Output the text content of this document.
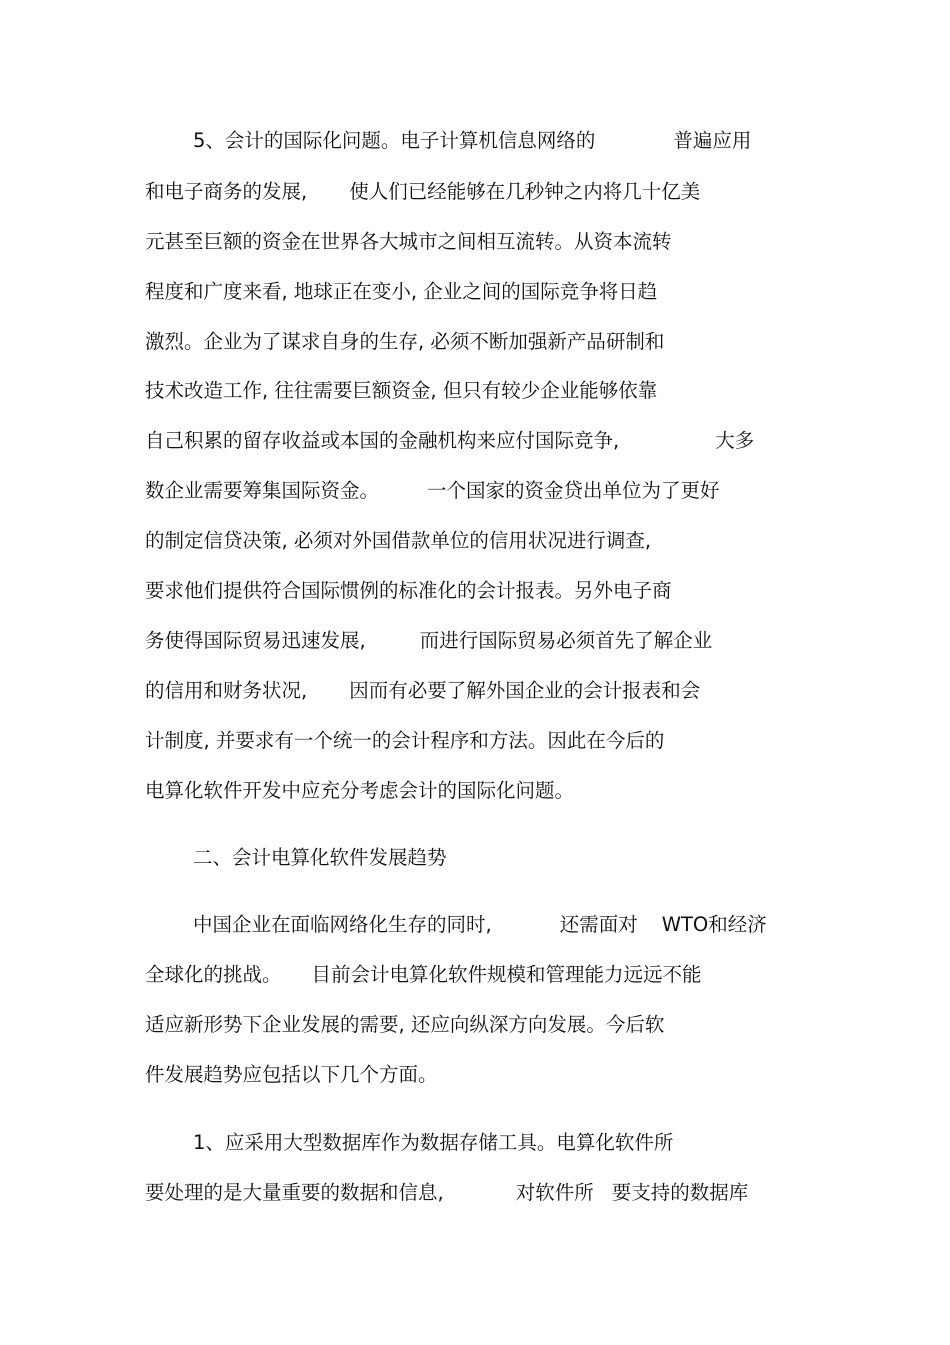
5、会计的国际化问题。电子计算机信息网络的	普遍应用
和电子商务的发展, 使人们已经能够在几秒钟之内将几十亿美
元甚至巨额的资金在世界各大城市之间相互流转。从资本流转
程度和广度来看, 地球正在变小, 企业之间的国际竞争将日趋
激烈。企业为了谋求自身的生存, 必须不断加强新产品研制和
技术改造工作, 往往需要巨额资金, 但只有较少企业能够依靠
自己积累的留存收益或本国的金融机构来应付国际竞争,	大多
数企业需要筹集国际资金。 一个国家的资金贷出单位为了更好
的制定信贷决策, 必须对外国借款单位的信用状况进行调查,
要求他们提供符合国际惯例的标准化的会计报表。另外电子商
务使得国际贸易迅速发展,	而进行国际贸易必须首先了解企业
的信用和财务状况, 因而有必要了解外国企业的会计报表和会
计制度, 并要求有一个统一的会计程序和方法。因此在今后的
电算化软件开发中应充分考虑会计的国际化问题。
二、会计电算化软件发展趋势
中国企业在面临网络化生存的同时,	还需面对 WTO和经济
全球化的挑战。 目前会计电算化软件规模和管理能力远远不能
适应新形势下企业发展的需要, 还应向纵深方向发展。今后软
件发展趋势应包括以下几个方面。
1、应采用大型数据库作为数据存储工具。电算化软件所
要处理的是大量重要的数据和信息,	对软件所 要支持的数据库
